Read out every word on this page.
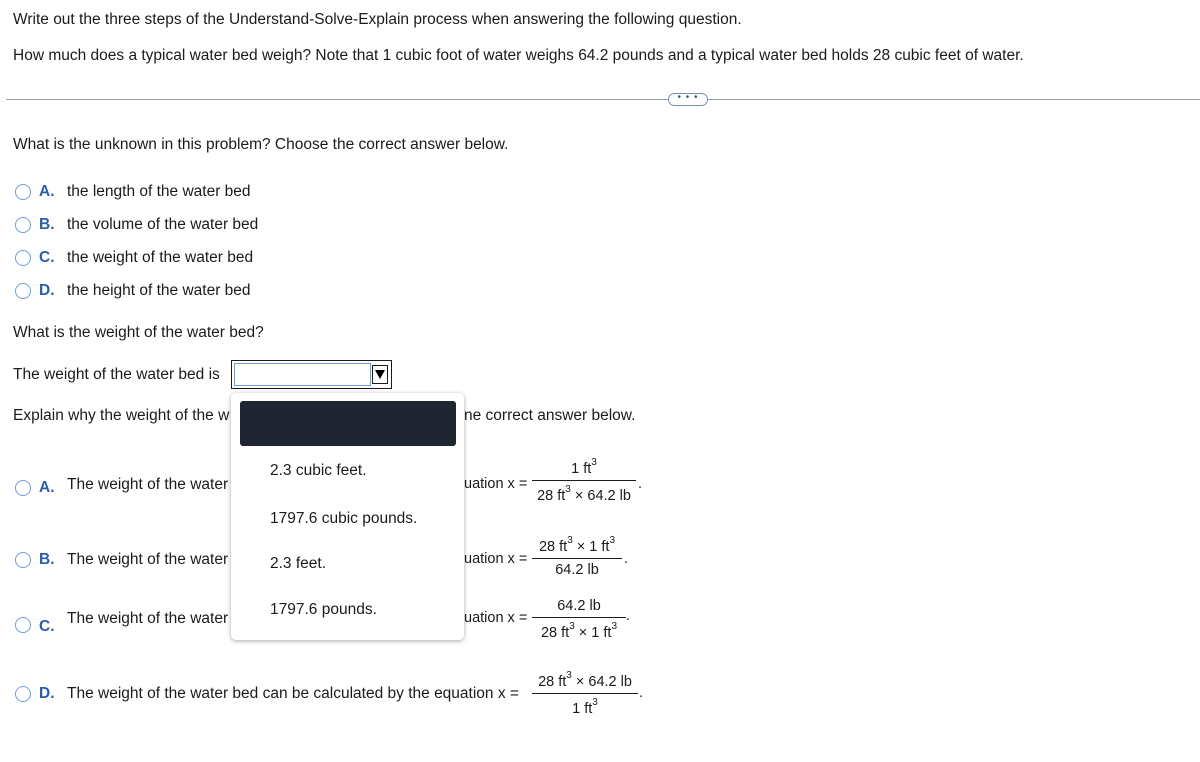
Write out the three steps of the Understand-Solve-Explain process when answering the following question.
How much does a typical water bed weigh? Note that 1 cubic foot of water weighs 64.2 pounds and a typical water bed holds 28 cubic feet of water.
• • •
What is the unknown in this problem? Choose the correct answer below.
A. the length of the water bed
B. the volume of the water bed
C. the weight of the water bed
D. the height of the water bed
What is the weight of the water bed?
The weight of the water bed is
Explain why the weight of the w	ne correct answer below.
A. The weight of the water	uation x =
1 $ft^3$
28 $ft^3 \times 64.2$ lb
.
B. The weight of the water	uation x =
28 $ft^3 \times 1$ $ft^3$
64.2 lb
.
C. The weight of the water	uation x =
64.2 lb
28 $ft^3 \times 1$ $ft^3$
.
D. The weight of the water bed can be calculated by the equation x =
28 $ft^3 \times 64.2$ lb
1 $ft^3$
.
2.3 cubic feet.
1797.6 cubic pounds.
2.3 feet.
1797.6 pounds.
